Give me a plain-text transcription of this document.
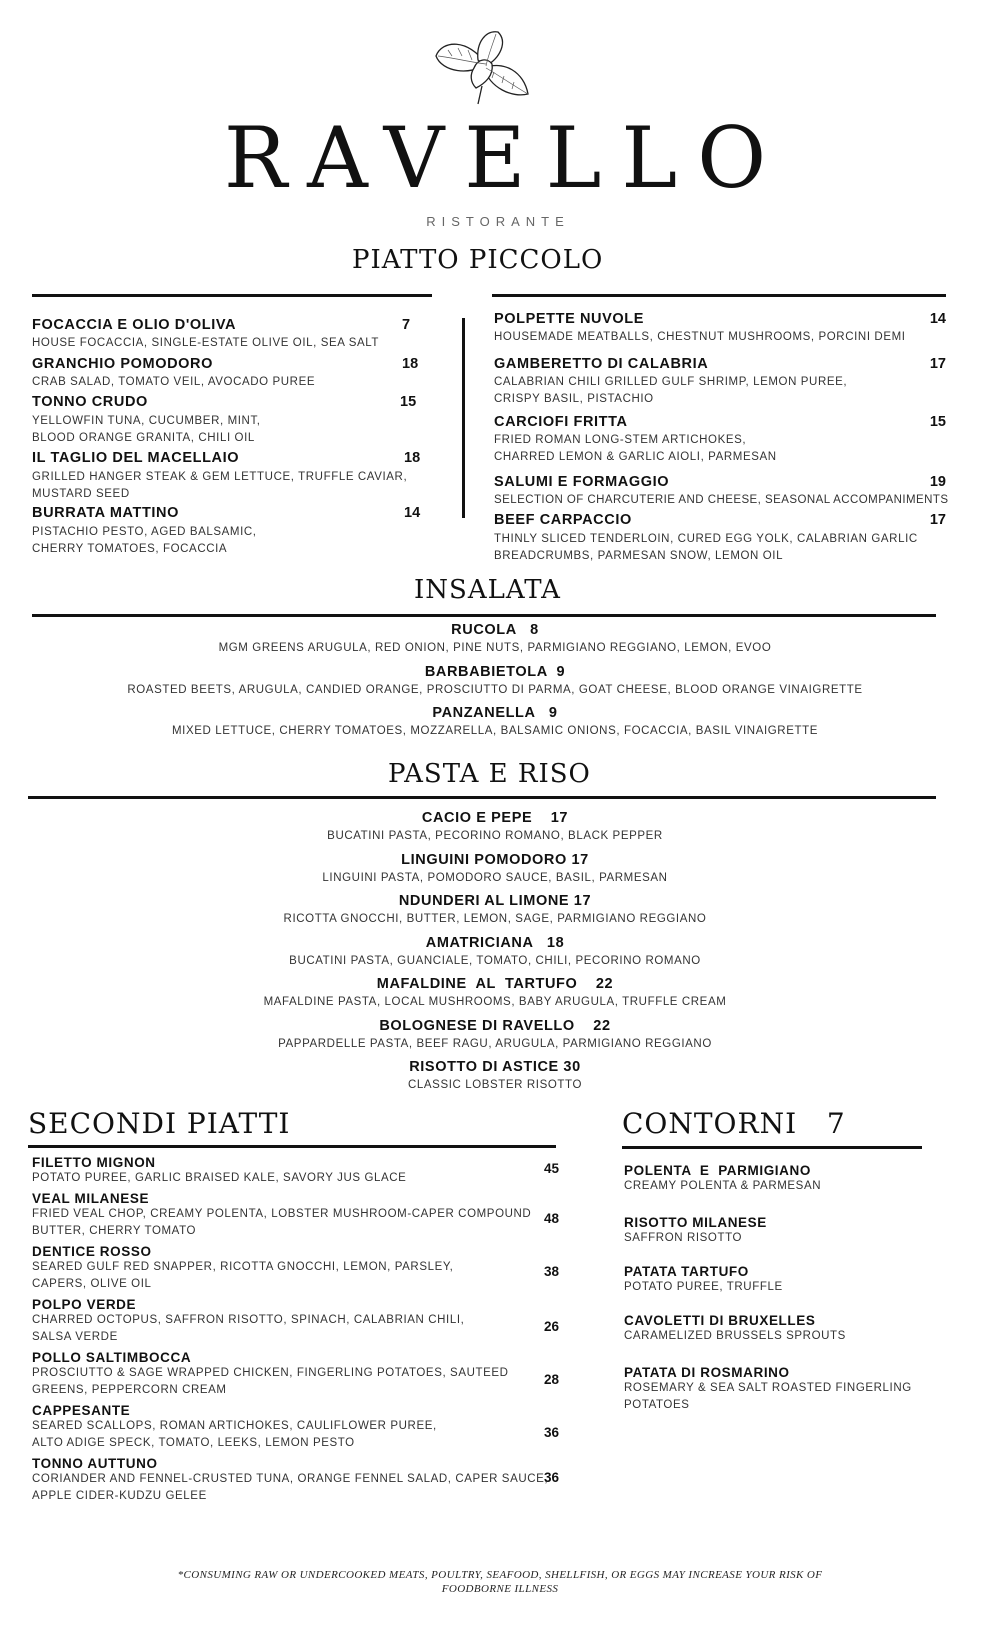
RAVELLO
RISTORANTE
PIATTO PICCOLO
FOCACCIA E OLIO D'OLIVA
HOUSE FOCACCIA, SINGLE-ESTATE OLIVE OIL, SEA SALT
7
GRANCHIO POMODORO
CRAB SALAD, TOMATO VEIL, AVOCADO PUREE
18
TONNO CRUDO
YELLOWFIN TUNA, CUCUMBER, MINT,
BLOOD ORANGE GRANITA, CHILI OIL
15
IL TAGLIO DEL MACELLAIO
GRILLED HANGER STEAK & GEM LETTUCE, TRUFFLE CAVIAR,
MUSTARD SEED
18
BURRATA MATTINO
PISTACHIO PESTO, AGED BALSAMIC,
CHERRY TOMATOES, FOCACCIA
14
POLPETTE NUVOLE
HOUSEMADE MEATBALLS, CHESTNUT MUSHROOMS, PORCINI DEMI
14
GAMBERETTO DI CALABRIA
CALABRIAN CHILI GRILLED GULF SHRIMP, LEMON PUREE,
CRISPY BASIL, PISTACHIO
17
CARCIOFI FRITTA
FRIED ROMAN LONG-STEM ARTICHOKES,
CHARRED LEMON & GARLIC AIOLI, PARMESAN
15
SALUMI E FORMAGGIO
SELECTION OF CHARCUTERIE AND CHEESE, SEASONAL ACCOMPANIMENTS
19
BEEF CARPACCIO
THINLY SLICED TENDERLOIN, CURED EGG YOLK, CALABRIAN GARLIC
BREADCRUMBS, PARMESAN SNOW, LEMON OIL
17
INSALATA
RUCOLA   8
MGM GREENS ARUGULA, RED ONION, PINE NUTS, PARMIGIANO REGGIANO, LEMON, EVOO
BARBABIETOLA  9
ROASTED BEETS, ARUGULA, CANDIED ORANGE, PROSCIUTTO DI PARMA, GOAT CHEESE, BLOOD ORANGE VINAIGRETTE
PANZANELLA   9
MIXED LETTUCE, CHERRY TOMATOES, MOZZARELLA, BALSAMIC ONIONS, FOCACCIA, BASIL VINAIGRETTE
PASTA E RISO
CACIO E PEPE    17
BUCATINI PASTA, PECORINO ROMANO, BLACK PEPPER
LINGUINI POMODORO 17
LINGUINI PASTA, POMODORO SAUCE, BASIL, PARMESAN
NDUNDERI AL LIMONE 17
RICOTTA GNOCCHI, BUTTER, LEMON, SAGE, PARMIGIANO REGGIANO
AMATRICIANA   18
BUCATINI PASTA, GUANCIALE, TOMATO, CHILI, PECORINO ROMANO
MAFALDINE  AL  TARTUFO    22
MAFALDINE PASTA, LOCAL MUSHROOMS, BABY ARUGULA, TRUFFLE CREAM
BOLOGNESE DI RAVELLO    22
PAPPARDELLE PASTA, BEEF RAGU, ARUGULA, PARMIGIANO REGGIANO
RISOTTO DI ASTICE 30
CLASSIC LOBSTER RISOTTO
SECONDI PIATTI
FILETTO MIGNON
POTATO PUREE, GARLIC BRAISED KALE, SAVORY JUS GLACE
45
VEAL MILANESE
FRIED VEAL CHOP, CREAMY POLENTA, LOBSTER MUSHROOM-CAPER COMPOUND
BUTTER, CHERRY TOMATO
48
DENTICE ROSSO
SEARED GULF RED SNAPPER, RICOTTA GNOCCHI, LEMON, PARSLEY,
CAPERS, OLIVE OIL
38
POLPO VERDE
CHARRED OCTOPUS, SAFFRON RISOTTO, SPINACH, CALABRIAN CHILI,
SALSA VERDE
26
POLLO SALTIMBOCCA
PROSCIUTTO & SAGE WRAPPED CHICKEN, FINGERLING POTATOES, SAUTEED
GREENS, PEPPERCORN CREAM
28
CAPPESANTE
SEARED SCALLOPS, ROMAN ARTICHOKES, CAULIFLOWER PUREE,
ALTO ADIGE SPECK, TOMATO, LEEKS, LEMON PESTO
36
TONNO AUTTUNO
CORIANDER AND FENNEL-CRUSTED TUNA, ORANGE FENNEL SALAD, CAPER SAUCE,
APPLE CIDER-KUDZU GELEE
36
CONTORNI   7
POLENTA  E  PARMIGIANO
CREAMY POLENTA & PARMESAN
RISOTTO MILANESE
SAFFRON RISOTTO
PATATA TARTUFO
POTATO PUREE, TRUFFLE
CAVOLETTI DI BRUXELLES
CARAMELIZED BRUSSELS SPROUTS
PATATA DI ROSMARINO
ROSEMARY & SEA SALT ROASTED FINGERLING
POTATOES
*CONSUMING RAW OR UNDERCOOKED MEATS, POULTRY, SEAFOOD, SHELLFISH, OR EGGS MAY INCREASE YOUR RISK OF
FOODBORNE ILLNESS
